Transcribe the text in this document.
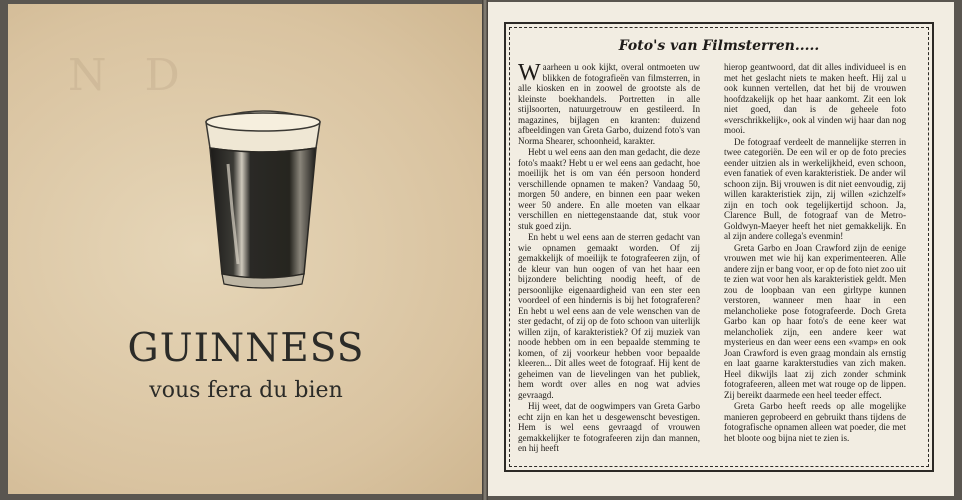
N D
GUINNESS
vous fera du bien
Foto's van Filmsterren.....

Waarheen u ook kijkt, overal ontmoeten uw blikken de fotografieën van filmsterren, in alle kiosken en in zoowel de grootste als de kleinste boekhandels. Portretten in alle stijlsoorten, natuurgetrouw en gestileerd. In magazines, bijlagen en kranten: duizend afbeeldingen van Greta Garbo, duizend foto's van Norma Shearer, schoonheid, karakter.

Hebt u wel eens aan den man gedacht, die deze foto's maakt? Hebt u er wel eens aan gedacht, hoe moeilijk het is om van één persoon honderd verschillende opnamen te maken? Vandaag 50, morgen 50 andere, en binnen een paar weken weer 50 andere. En alle moeten van elkaar verschillen en niettegenstaande dat, stuk voor stuk goed zijn.

En hebt u wel eens aan de sterren gedacht van wie opnamen gemaakt worden. Of zij gemakkelijk of moeilijk te fotografeeren zijn, of de kleur van hun oogen of van het haar een bijzondere belichting noodig heeft, of de persoonlijke eigenaardigheid van een ster een voordeel of een hindernis is bij het fotograferen? En hebt u wel eens aan de vele wenschen van de ster gedacht, of zij op de foto schoon van uiterlijk willen zijn, of karakteristiek? Of zij muziek van noode hebben om in een bepaalde stemming te komen, of zij voorkeur hebben voor bepaalde kleeren... Dit alles weet de fotograaf. Hij kent de geheimen van de lievelingen van het publiek, hem wordt over alles en nog wat advies gevraagd.

Hij weet, dat de oogwimpers van Greta Garbo echt zijn en kan het u desgewenscht bevestigen. Hem is wel eens gevraagd of vrouwen gemakkelijker te fotografeeren zijn dan mannen, en hij heeft

hierop geantwoord, dat dit alles individueel is en met het geslacht niets te maken heeft. Hij zal u ook kunnen vertellen, dat het bij de vrouwen hoofdzakelijk op het haar aankomt. Zit een lok niet goed, dan is de geheele foto «verschrikkelijk», ook al vinden wij haar dan nog mooi.

De fotograaf verdeelt de mannelijke sterren in twee categoriën. De een wil er op de foto precies eender uitzien als in werkelijkheid, even schoon, even fanatiek of even karakteristiek. De ander wil schoon zijn. Bij vrouwen is dit niet eenvoudig, zij willen karakteristiek zijn, zij willen «zichzelf» zijn en toch ook tegelijkertijd schoon. Ja, Clarence Bull, de fotograaf van de Metro-Goldwyn-Maeyer heeft het niet gemakkelijk. En al zijn andere collega's evenmin!

Greta Garbo en Joan Crawford zijn de eenige vrouwen met wie hij kan experimenteeren. Alle andere zijn er bang voor, er op de foto niet zoo uit te zien wat voor hen als karakteristiek geldt. Men zou de loopbaan van een girltype kunnen verstoren, wanneer men haar in een melancholieke pose fotografeerde. Doch Greta Garbo kan op haar foto's de eene keer wat melancholiek zijn, een andere keer wat mysterieus en dan weer eens een «vamp» en ook Joan Crawford is even graag mondain als ernstig en laat gaarne karakterstudies van zich maken. Heel dikwijls laat zij zich zonder schmink fotografeeren, alleen met wat rouge op de lippen. Zij bereikt daarmede een heel teeder effect.

Greta Garbo heeft reeds op alle mogelijke manieren geprobeerd en gebruikt thans tijdens de fotografische opnamen alleen wat poeder, die met het bloote oog bijna niet te zien is.
